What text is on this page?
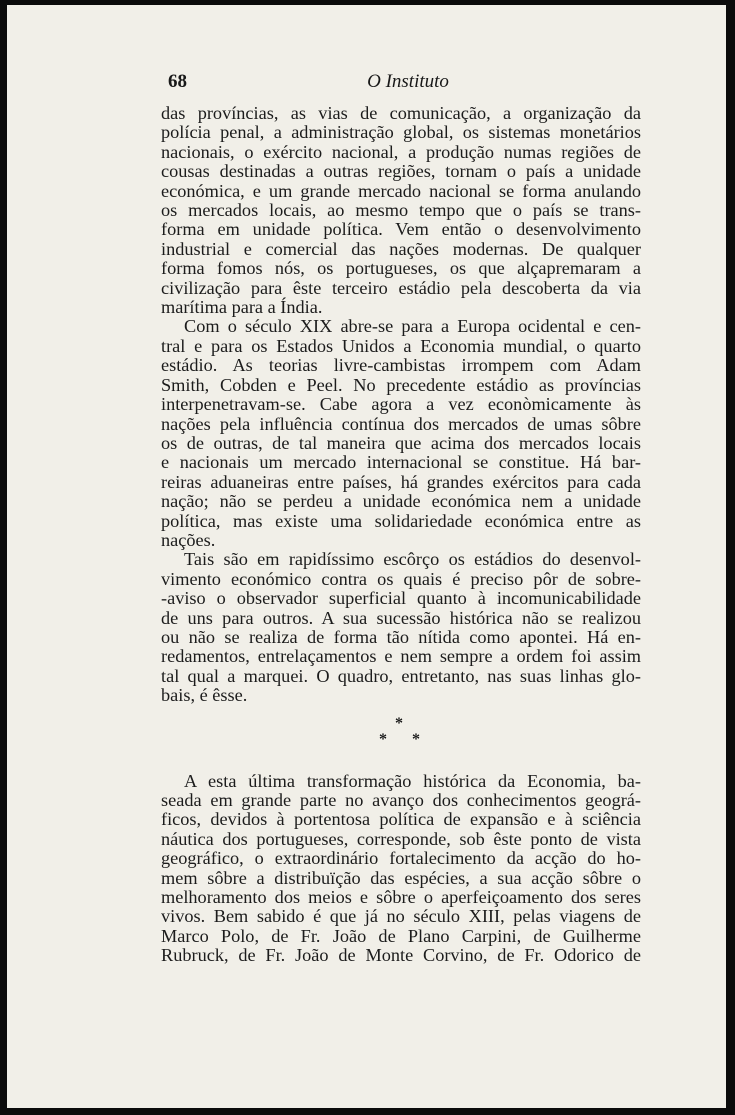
68	O Instituto
das províncias, as vias de comunicação, a organização da
polícia penal, a administração global, os sistemas monetários
nacionais, o exército nacional, a produção numas regiões de
cousas destinadas a outras regiões, tornam o país a unidade
económica, e um grande mercado nacional se forma anulando
os mercados locais, ao mesmo tempo que o país se trans-
forma em unidade política. Vem então o desenvolvimento
industrial e comercial das nações modernas. De qualquer
forma fomos nós, os portugueses, os que alçapremaram a
civilização para êste terceiro estádio pela descoberta da via
marítima para a Índia.
Com o século XIX abre-se para a Europa ocidental e cen-
tral e para os Estados Unidos a Economia mundial, o quarto
estádio. As teorias livre-cambistas irrompem com Adam
Smith, Cobden e Peel. No precedente estádio as províncias
interpenetravam-se. Cabe agora a vez econòmicamente às
nações pela influência contínua dos mercados de umas sôbre
os de outras, de tal maneira que acima dos mercados locais
e nacionais um mercado internacional se constitue. Há bar-
reiras aduaneiras entre países, há grandes exércitos para cada
nação; não se perdeu a unidade económica nem a unidade
política, mas existe uma solidariedade económica entre as
nações.
Tais são em rapidíssimo escôrço os estádios do desenvol-
vimento económico contra os quais é preciso pôr de sobre-
-aviso o observador superficial quanto à incomunicabilidade
de uns para outros. A sua sucessão histórica não se realizou
ou não se realiza de forma tão nítida como apontei. Há en-
redamentos, entrelaçamentos e nem sempre a ordem foi assim
tal qual a marquei. O quadro, entretanto, nas suas linhas glo-
bais, é êsse.
*
* *
A esta última transformação histórica da Economia, ba-
seada em grande parte no avanço dos conhecimentos geográ-
ficos, devidos à portentosa política de expansão e à sciência
náutica dos portugueses, corresponde, sob êste ponto de vista
geográfico, o extraordinário fortalecimento da acção do ho-
mem sôbre a distribuïção das espécies, a sua acção sôbre o
melhoramento dos meios e sôbre o aperfeiçoamento dos seres
vivos. Bem sabido é que já no século XIII, pelas viagens de
Marco Polo, de Fr. João de Plano Carpini, de Guilherme
Rubruck, de Fr. João de Monte Corvino, de Fr. Odorico de
